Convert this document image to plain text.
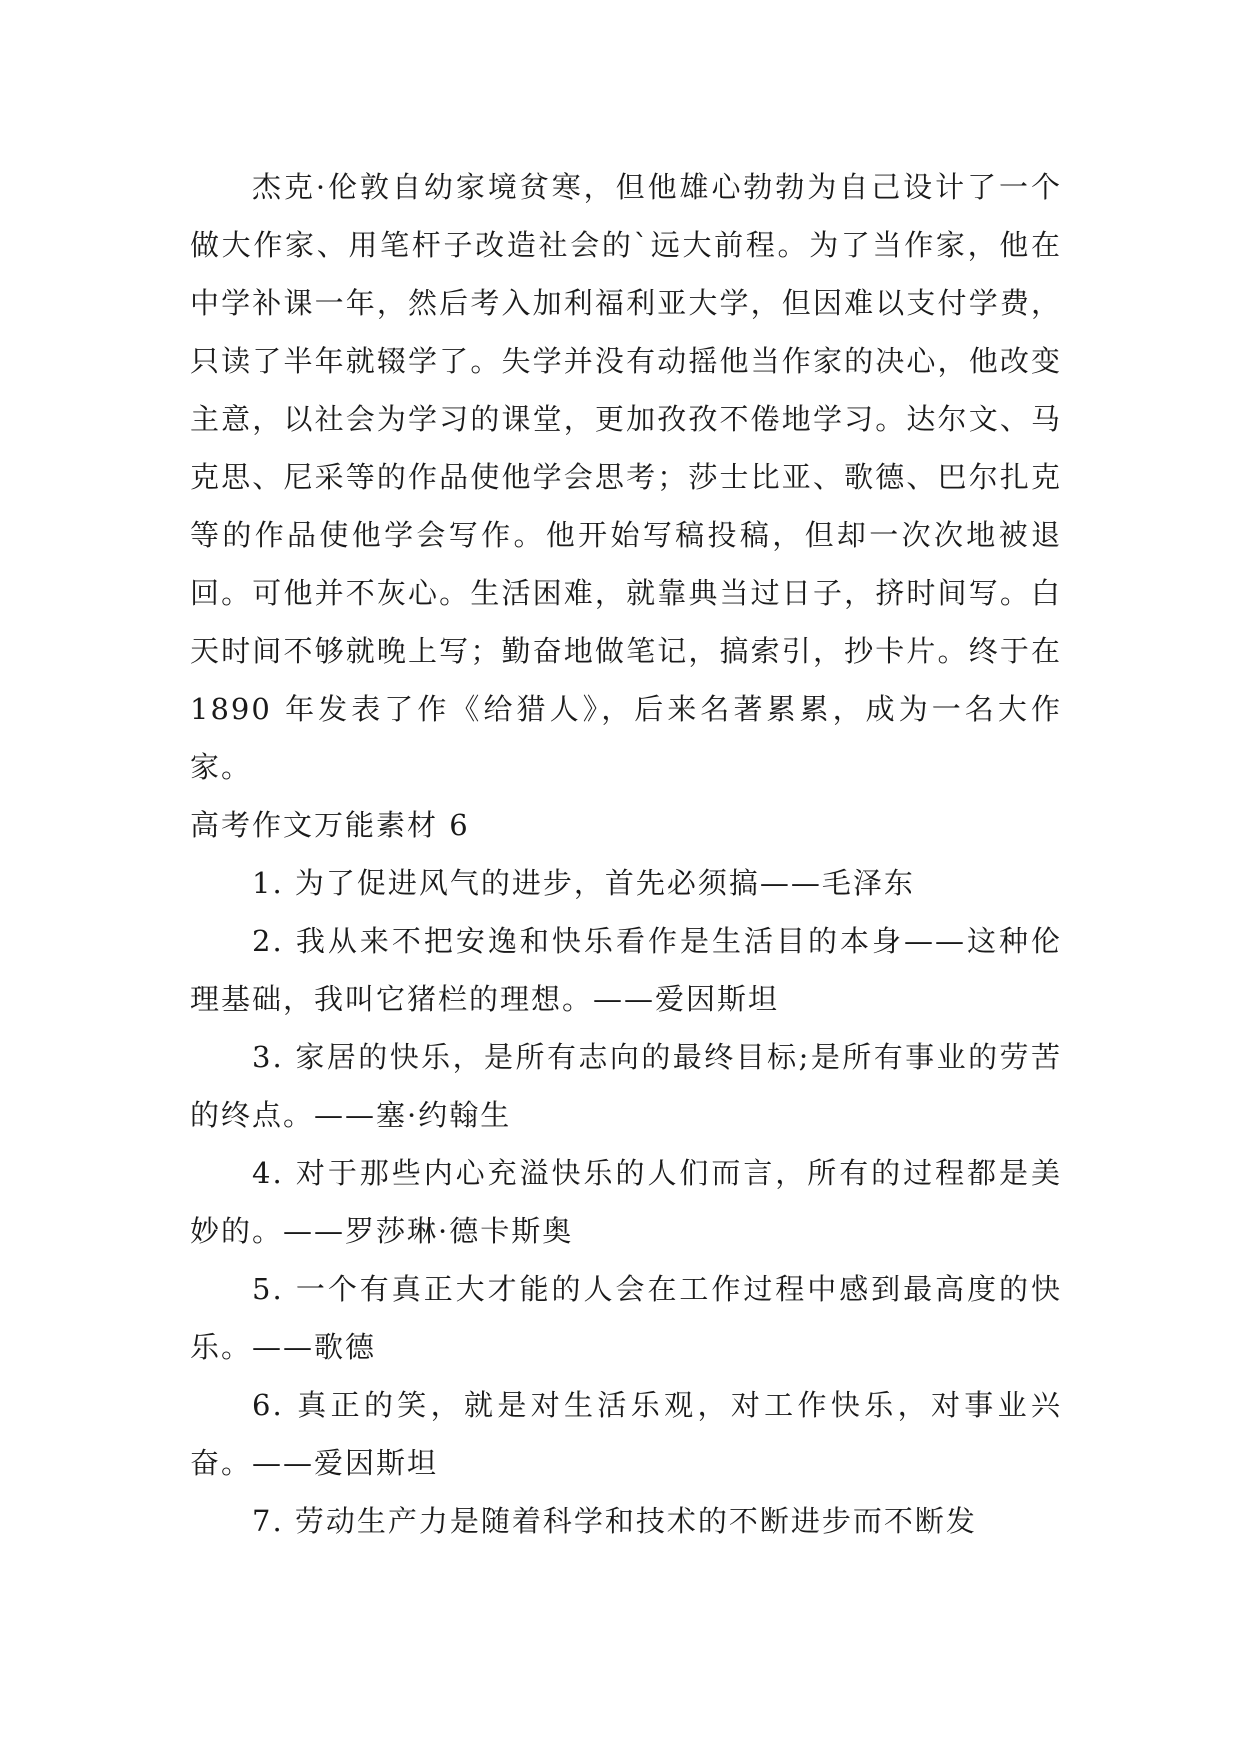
杰克·伦敦自幼家境贫寒，但他雄心勃勃为自己设计了一个做大作家、用笔杆子改造社会的`远大前程。为了当作家，他在中学补课一年，然后考入加利福利亚大学，但因难以支付学费，只读了半年就辍学了。失学并没有动摇他当作家的决心，他改变主意，以社会为学习的课堂，更加孜孜不倦地学习。达尔文、马克思、尼采等的作品使他学会思考；莎士比亚、歌德、巴尔扎克等的作品使他学会写作。他开始写稿投稿，但却一次次地被退回。可他并不灰心。生活困难，就靠典当过日子，挤时间写。白天时间不够就晚上写；勤奋地做笔记，搞索引，抄卡片。终于在 1890 年发表了作《给猎人》，后来名著累累，成为一名大作家。

高考作文万能素材 6

1. 为了促进风气的进步，首先必须搞——毛泽东

2. 我从来不把安逸和快乐看作是生活目的本身——这种伦理基础，我叫它猪栏的理想。——爱因斯坦

3. 家居的快乐，是所有志向的最终目标;是所有事业的劳苦的终点。——塞·约翰生

4. 对于那些内心充溢快乐的人们而言，所有的过程都是美妙的。——罗莎琳·德卡斯奥

5. 一个有真正大才能的人会在工作过程中感到最高度的快乐。——歌德

6. 真正的笑，就是对生活乐观，对工作快乐，对事业兴奋。——爱因斯坦

7. 劳动生产力是随着科学和技术的不断进步而不断发
